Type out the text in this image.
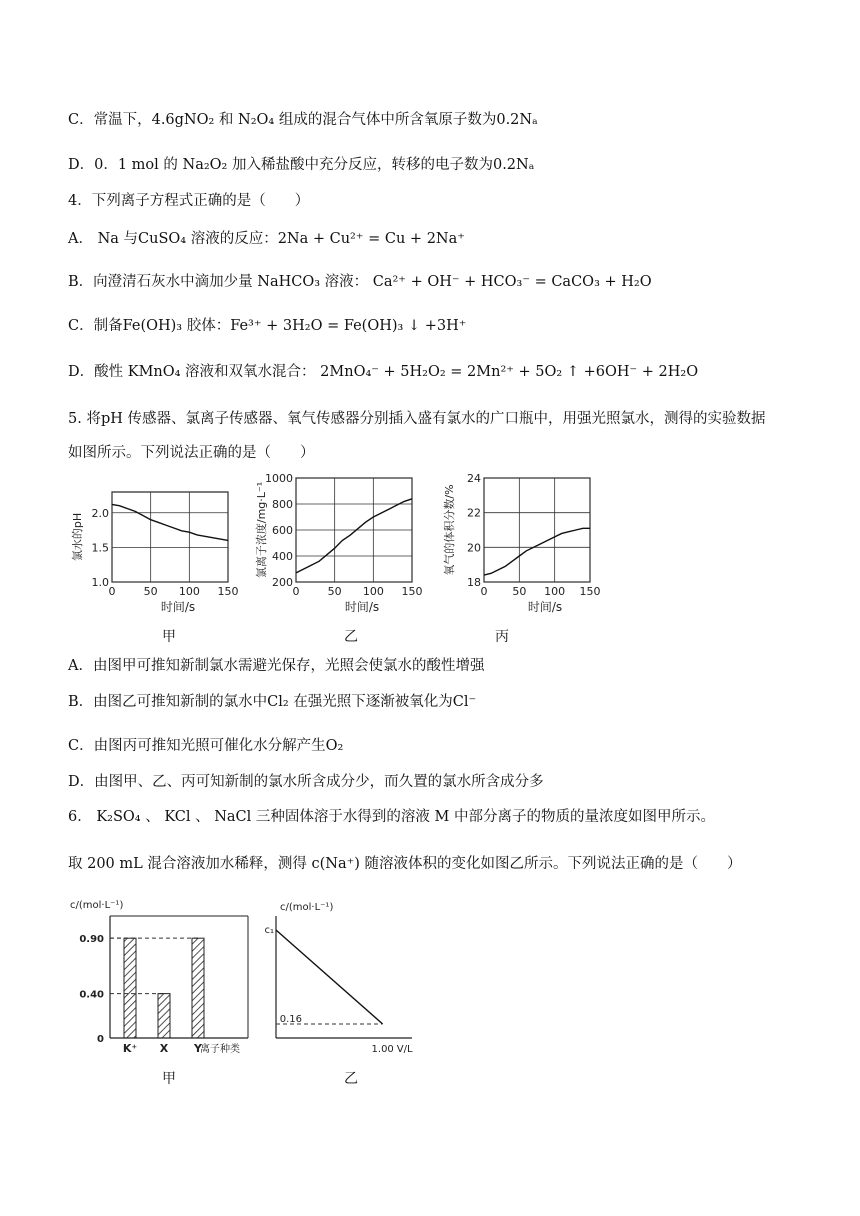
C．常温下，4.6gNO₂ 和 N₂O₄ 组成的混合气体中所含氧原子数为0.2Nₐ
D．0．1 mol 的 Na₂O₂ 加入稀盐酸中充分反应，转移的电子数为0.2Nₐ
4．下列离子方程式正确的是（　　）
A． Na 与CuSO₄ 溶液的反应：2Na + Cu²⁺ = Cu + 2Na⁺
B．向澄清石灰水中滴加少量 NaHCO₃ 溶液： Ca²⁺ + OH⁻ + HCO₃⁻ = CaCO₃ + H₂O
C．制备Fe(OH)₃ 胶体：Fe³⁺ + 3H₂O = Fe(OH)₃ ↓ +3H⁺
D．酸性 KMnO₄ 溶液和双氧水混合： 2MnO₄⁻ + 5H₂O₂ = 2Mn²⁺ + 5O₂ ↑ +6OH⁻ + 2H₂O
5. 将pH 传感器、氯离子传感器、氧气传感器分别插入盛有氯水的广口瓶中，用强光照氯水，测得的实验数据
如图所示。下列说法正确的是（　　）
0	50 100 150
1.0
1.5
2.0
时间/s
氯水的pH
0	50 100 150
200
400
600
800
1000
时间/s
氯离子浓度/mg·L⁻¹
0 50 100 150
18
20
22
24
时间/s
氧气的体积分数/%
甲	乙	丙
A．由图甲可推知新制氯水需避光保存，光照会使氯水的酸性增强
B．由图乙可推知新制的氯水中Cl₂ 在强光照下逐渐被氧化为Cl⁻
C．由图丙可推知光照可催化水分解产生O₂
D．由图甲、乙、丙可知新制的氯水所含成分少，而久置的氯水所含成分多
6． K₂SO₄ 、 KCl 、 NaCl 三种固体溶于水得到的溶液 M 中部分离子的物质的量浓度如图甲所示。
取 200 mL 混合溶液加水稀释，测得 c(Na⁺) 随溶液体积的变化如图乙所示。下列说法正确的是（　　）
c/(mol·L⁻¹)
0
0.40
0.90
K⁺ X Y
离子种类
c/(mol·L⁻¹)
c₁
0.16
1.00 V/L
甲	乙
